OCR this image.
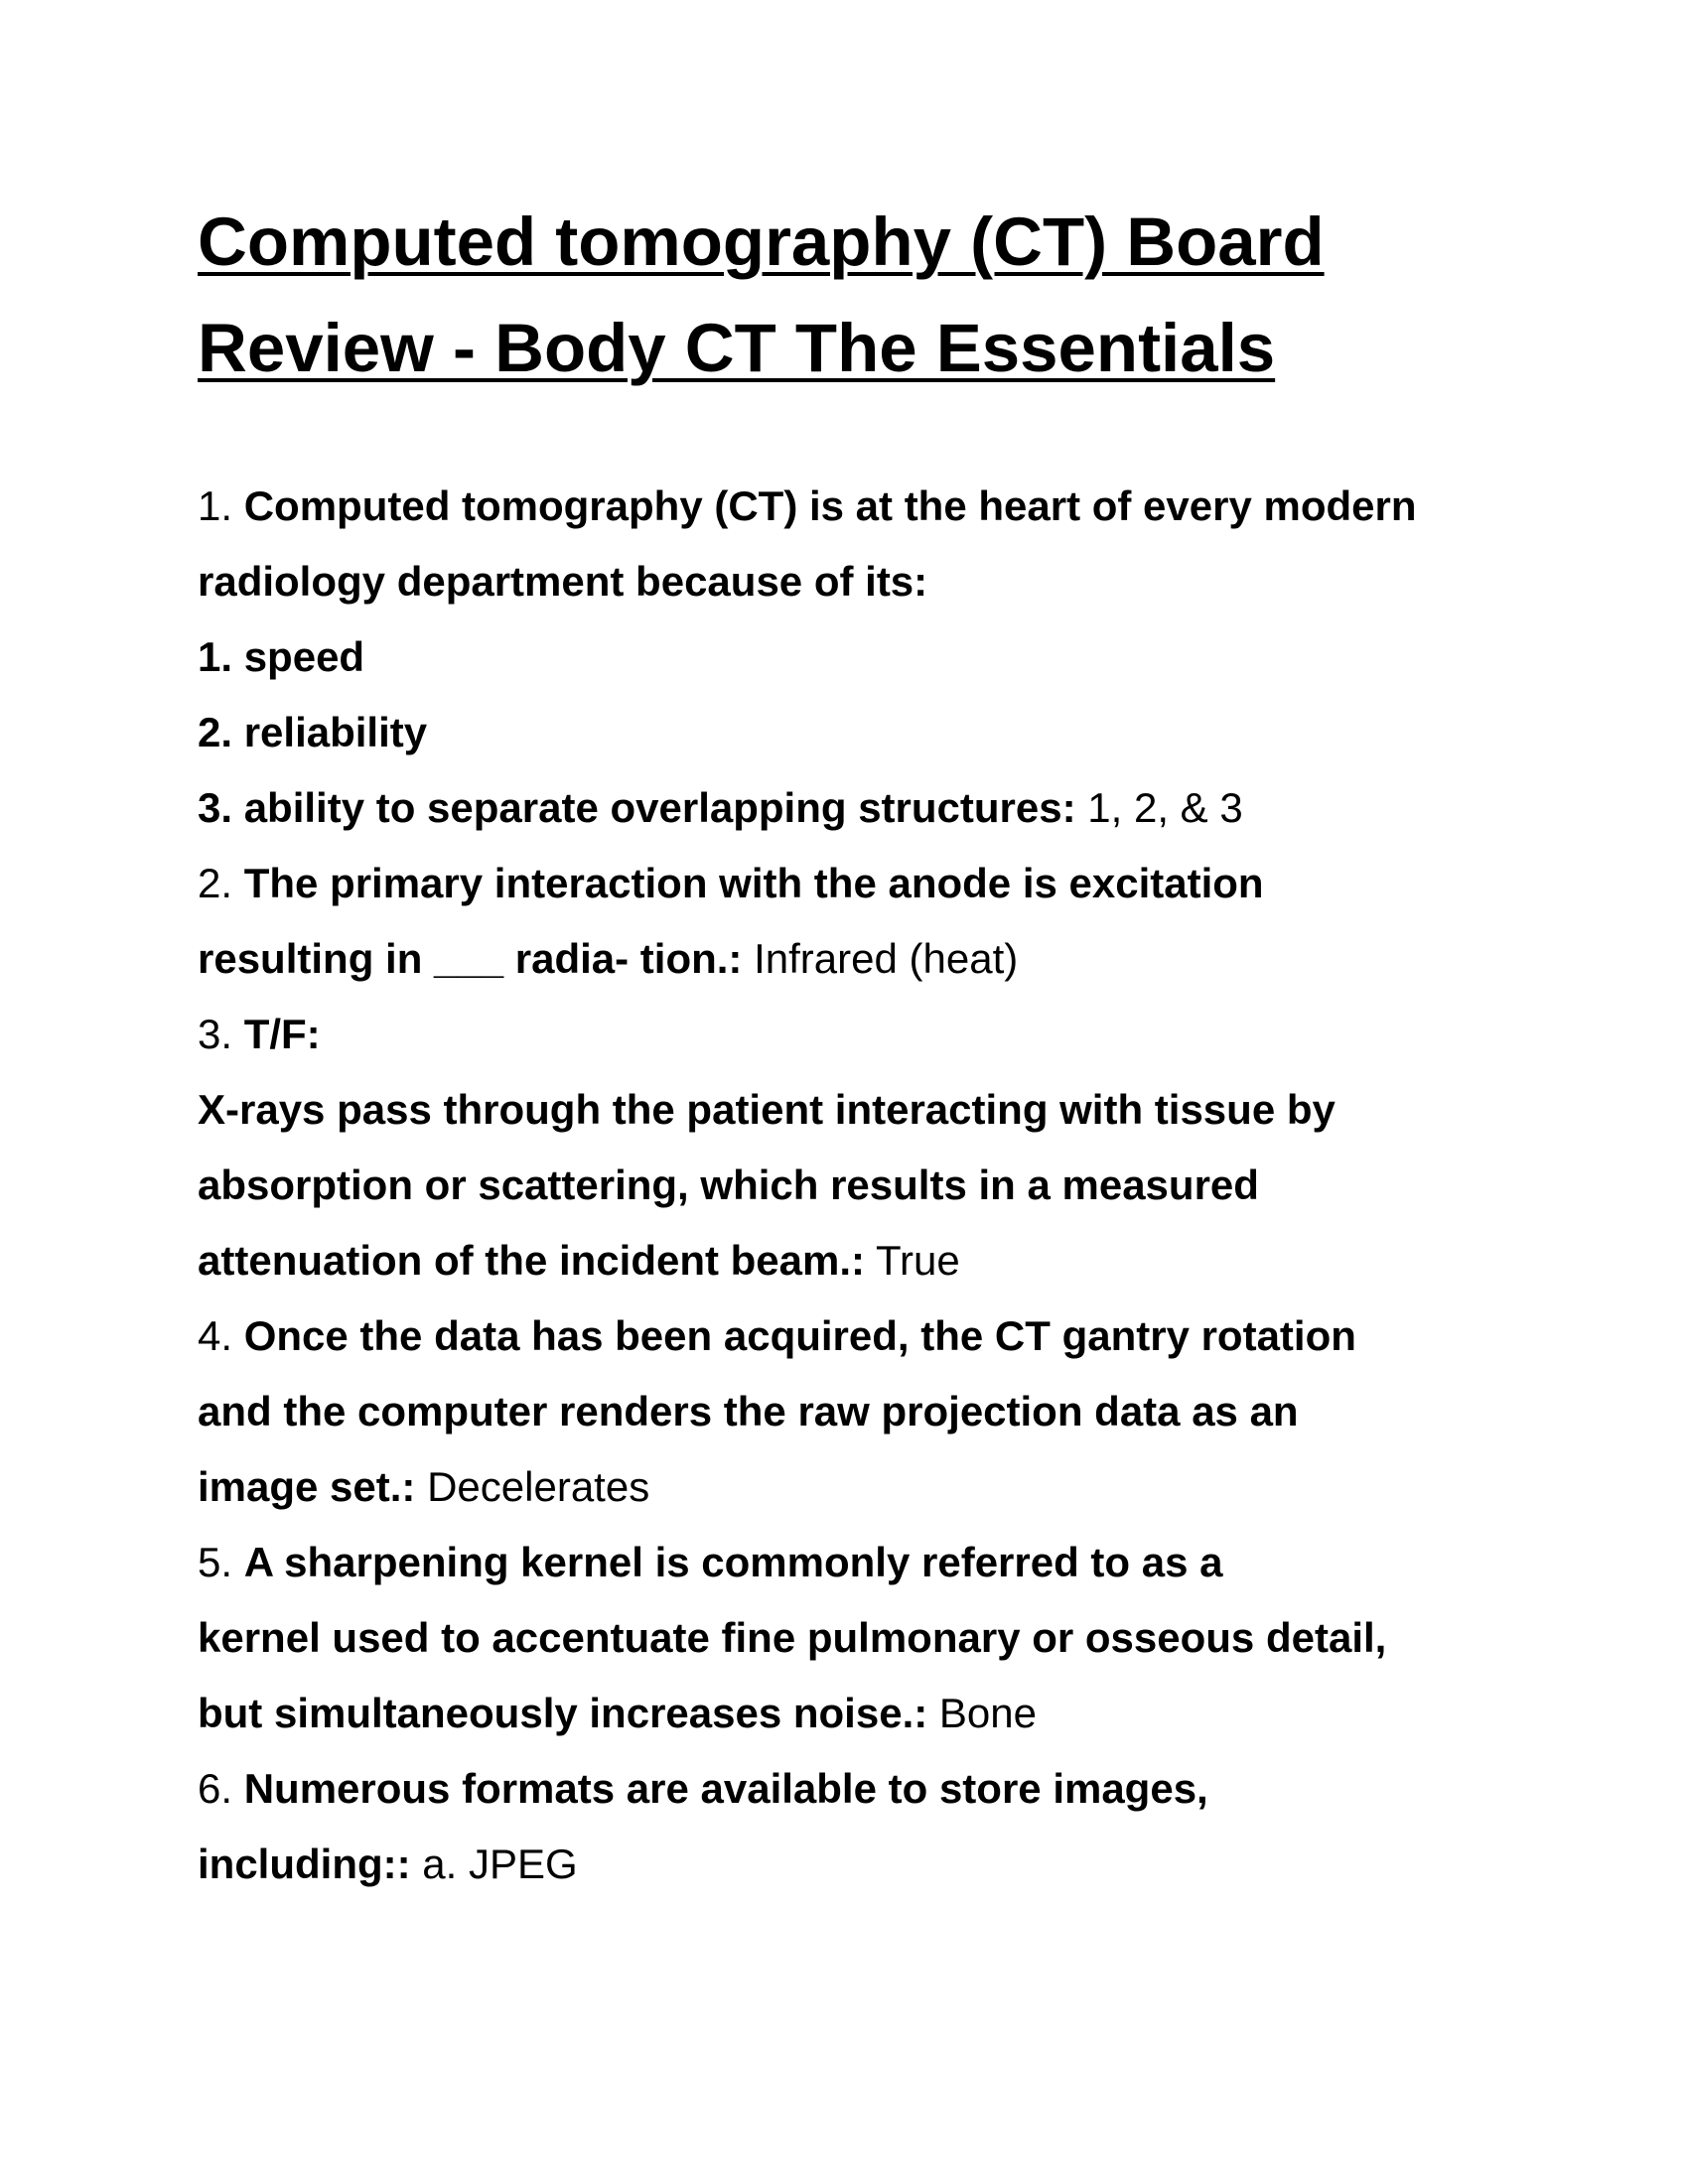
Computed tomography (CT) Board
Review - Body CT The Essentials
1. Computed tomography (CT) is at the heart of every modern
radiology department because of its:
1. speed
2. reliability
3. ability to separate overlapping structures: 1, 2, & 3
2. The primary interaction with the anode is excitation
resulting in ___ radia- tion.: Infrared (heat)
3. T/F:
X-rays pass through the patient interacting with tissue by
absorption or scattering, which results in a measured
attenuation of the incident beam.: True
4. Once the data has been acquired, the CT gantry rotation
and the computer renders the raw projection data as an
image set.: Decelerates
5. A sharpening kernel is commonly referred to as a
kernel used to accentuate fine pulmonary or osseous detail,
but simultaneously increases noise.: Bone
6. Numerous formats are available to store images,
including:: a. JPEG
